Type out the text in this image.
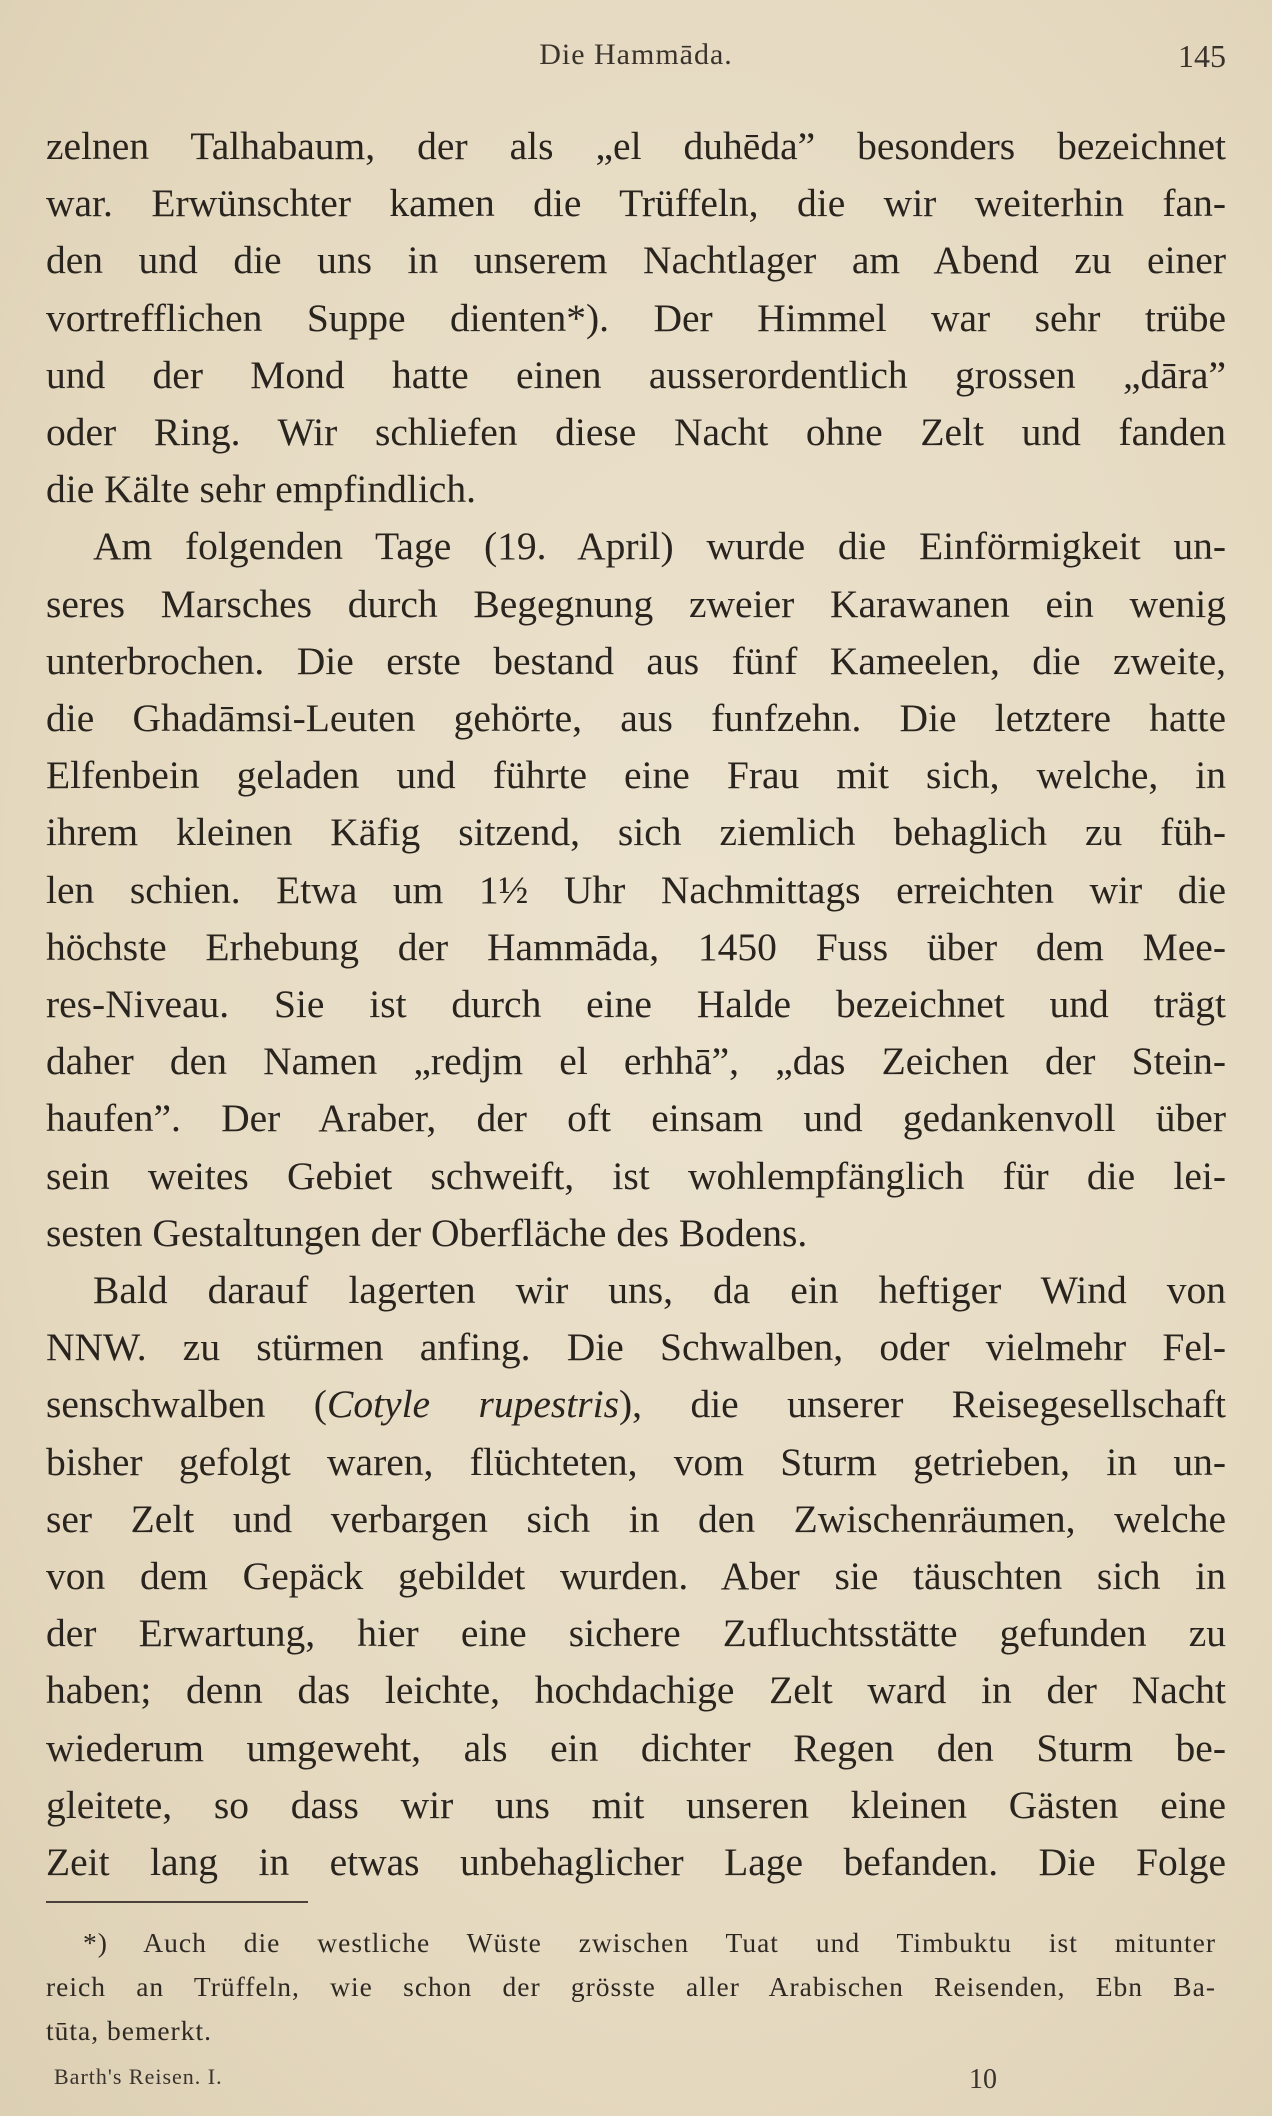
Die Hammāda.	145

zelnen Talhabaum, der als „el duhēda” besonders bezeichnet

war. Erwünschter kamen die Trüffeln, die wir weiterhin fan-

den und die uns in unserem Nachtlager am Abend zu einer

vortrefflichen Suppe dienten*). Der Himmel war sehr trübe

und der Mond hatte einen ausserordentlich grossen „dāra”

oder Ring. Wir schliefen diese Nacht ohne Zelt und fanden

die Kälte sehr empfindlich.

Am folgenden Tage (19. April) wurde die Einförmigkeit un-

seres Marsches durch Begegnung zweier Karawanen ein wenig

unterbrochen. Die erste bestand aus fünf Kameelen, die zweite,

die Ghadāmsi-Leuten gehörte, aus funfzehn. Die letztere hatte

Elfenbein geladen und führte eine Frau mit sich, welche, in

ihrem kleinen Käfig sitzend, sich ziemlich behaglich zu füh-

len schien. Etwa um 1½ Uhr Nachmittags erreichten wir die

höchste Erhebung der Hammāda, 1450 Fuss über dem Mee-

res-Niveau. Sie ist durch eine Halde bezeichnet und trägt

daher den Namen „redjm el erhhā”, „das Zeichen der Stein-

haufen”. Der Araber, der oft einsam und gedankenvoll über

sein weites Gebiet schweift, ist wohlempfänglich für die lei-

sesten Gestaltungen der Oberfläche des Bodens.

Bald darauf lagerten wir uns, da ein heftiger Wind von

NNW. zu stürmen anfing. Die Schwalben, oder vielmehr Fel-

senschwalben (Cotyle rupestris), die unserer Reisegesellschaft

bisher gefolgt waren, flüchteten, vom Sturm getrieben, in un-

ser Zelt und verbargen sich in den Zwischenräumen, welche

von dem Gepäck gebildet wurden. Aber sie täuschten sich in

der Erwartung, hier eine sichere Zufluchtsstätte gefunden zu

haben; denn das leichte, hochdachige Zelt ward in der Nacht

wiederum umgeweht, als ein dichter Regen den Sturm be-

gleitete, so dass wir uns mit unseren kleinen Gästen eine

Zeit lang in etwas unbehaglicher Lage befanden. Die Folge

*) Auch die westliche Wüste zwischen Tuat und Timbuktu ist mitunter

reich an Trüffeln, wie schon der grösste aller Arabischen Reisenden, Ebn Ba-

tūta, bemerkt.

Barth's Reisen. I.	10
